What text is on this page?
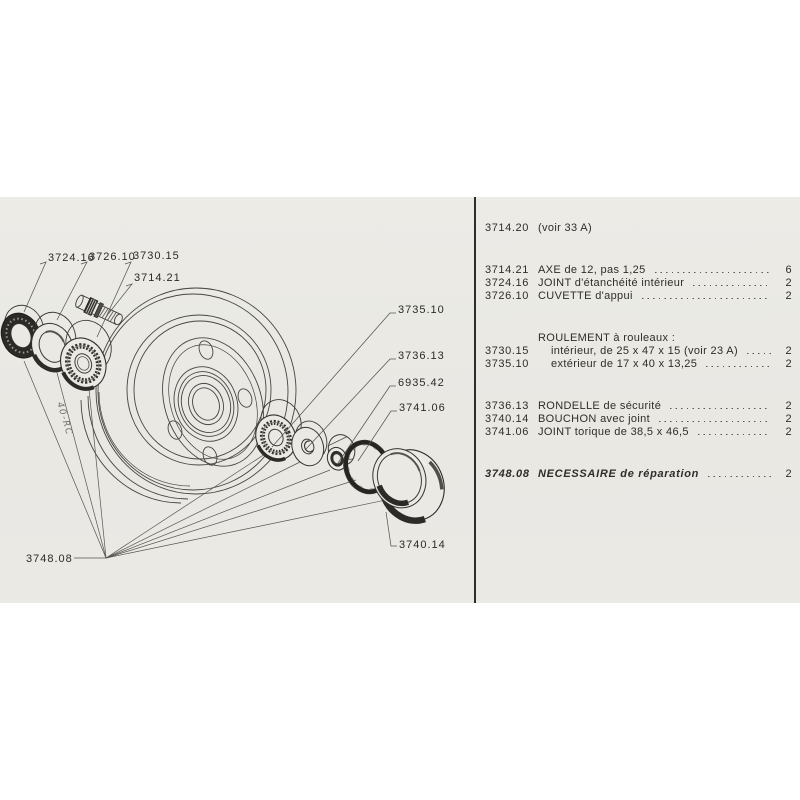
3724.16
3726.10
3730.15
3714.21
3735.10
3736.13
6935.42
3741.06
3740.14
3748.08
40-RC
3714.20 (voir 33 A)
3714.21 AXE de 12, pas 1,25	6
3724.16 JOINT d'étanchéité intérieur	2
3726.10 CUVETTE d'appui	2
ROULEMENT à rouleaux :
3730.15	intérieur, de 25 x 47 x 15 (voir 23 A)	2
3735.10	extérieur de 17 x 40 x 13,25	2
3736.13 RONDELLE de sécurité	2
3740.14 BOUCHON avec joint	2
3741.06 JOINT torique de 38,5 x 46,5	2
3748.08 NECESSAIRE de réparation	2
